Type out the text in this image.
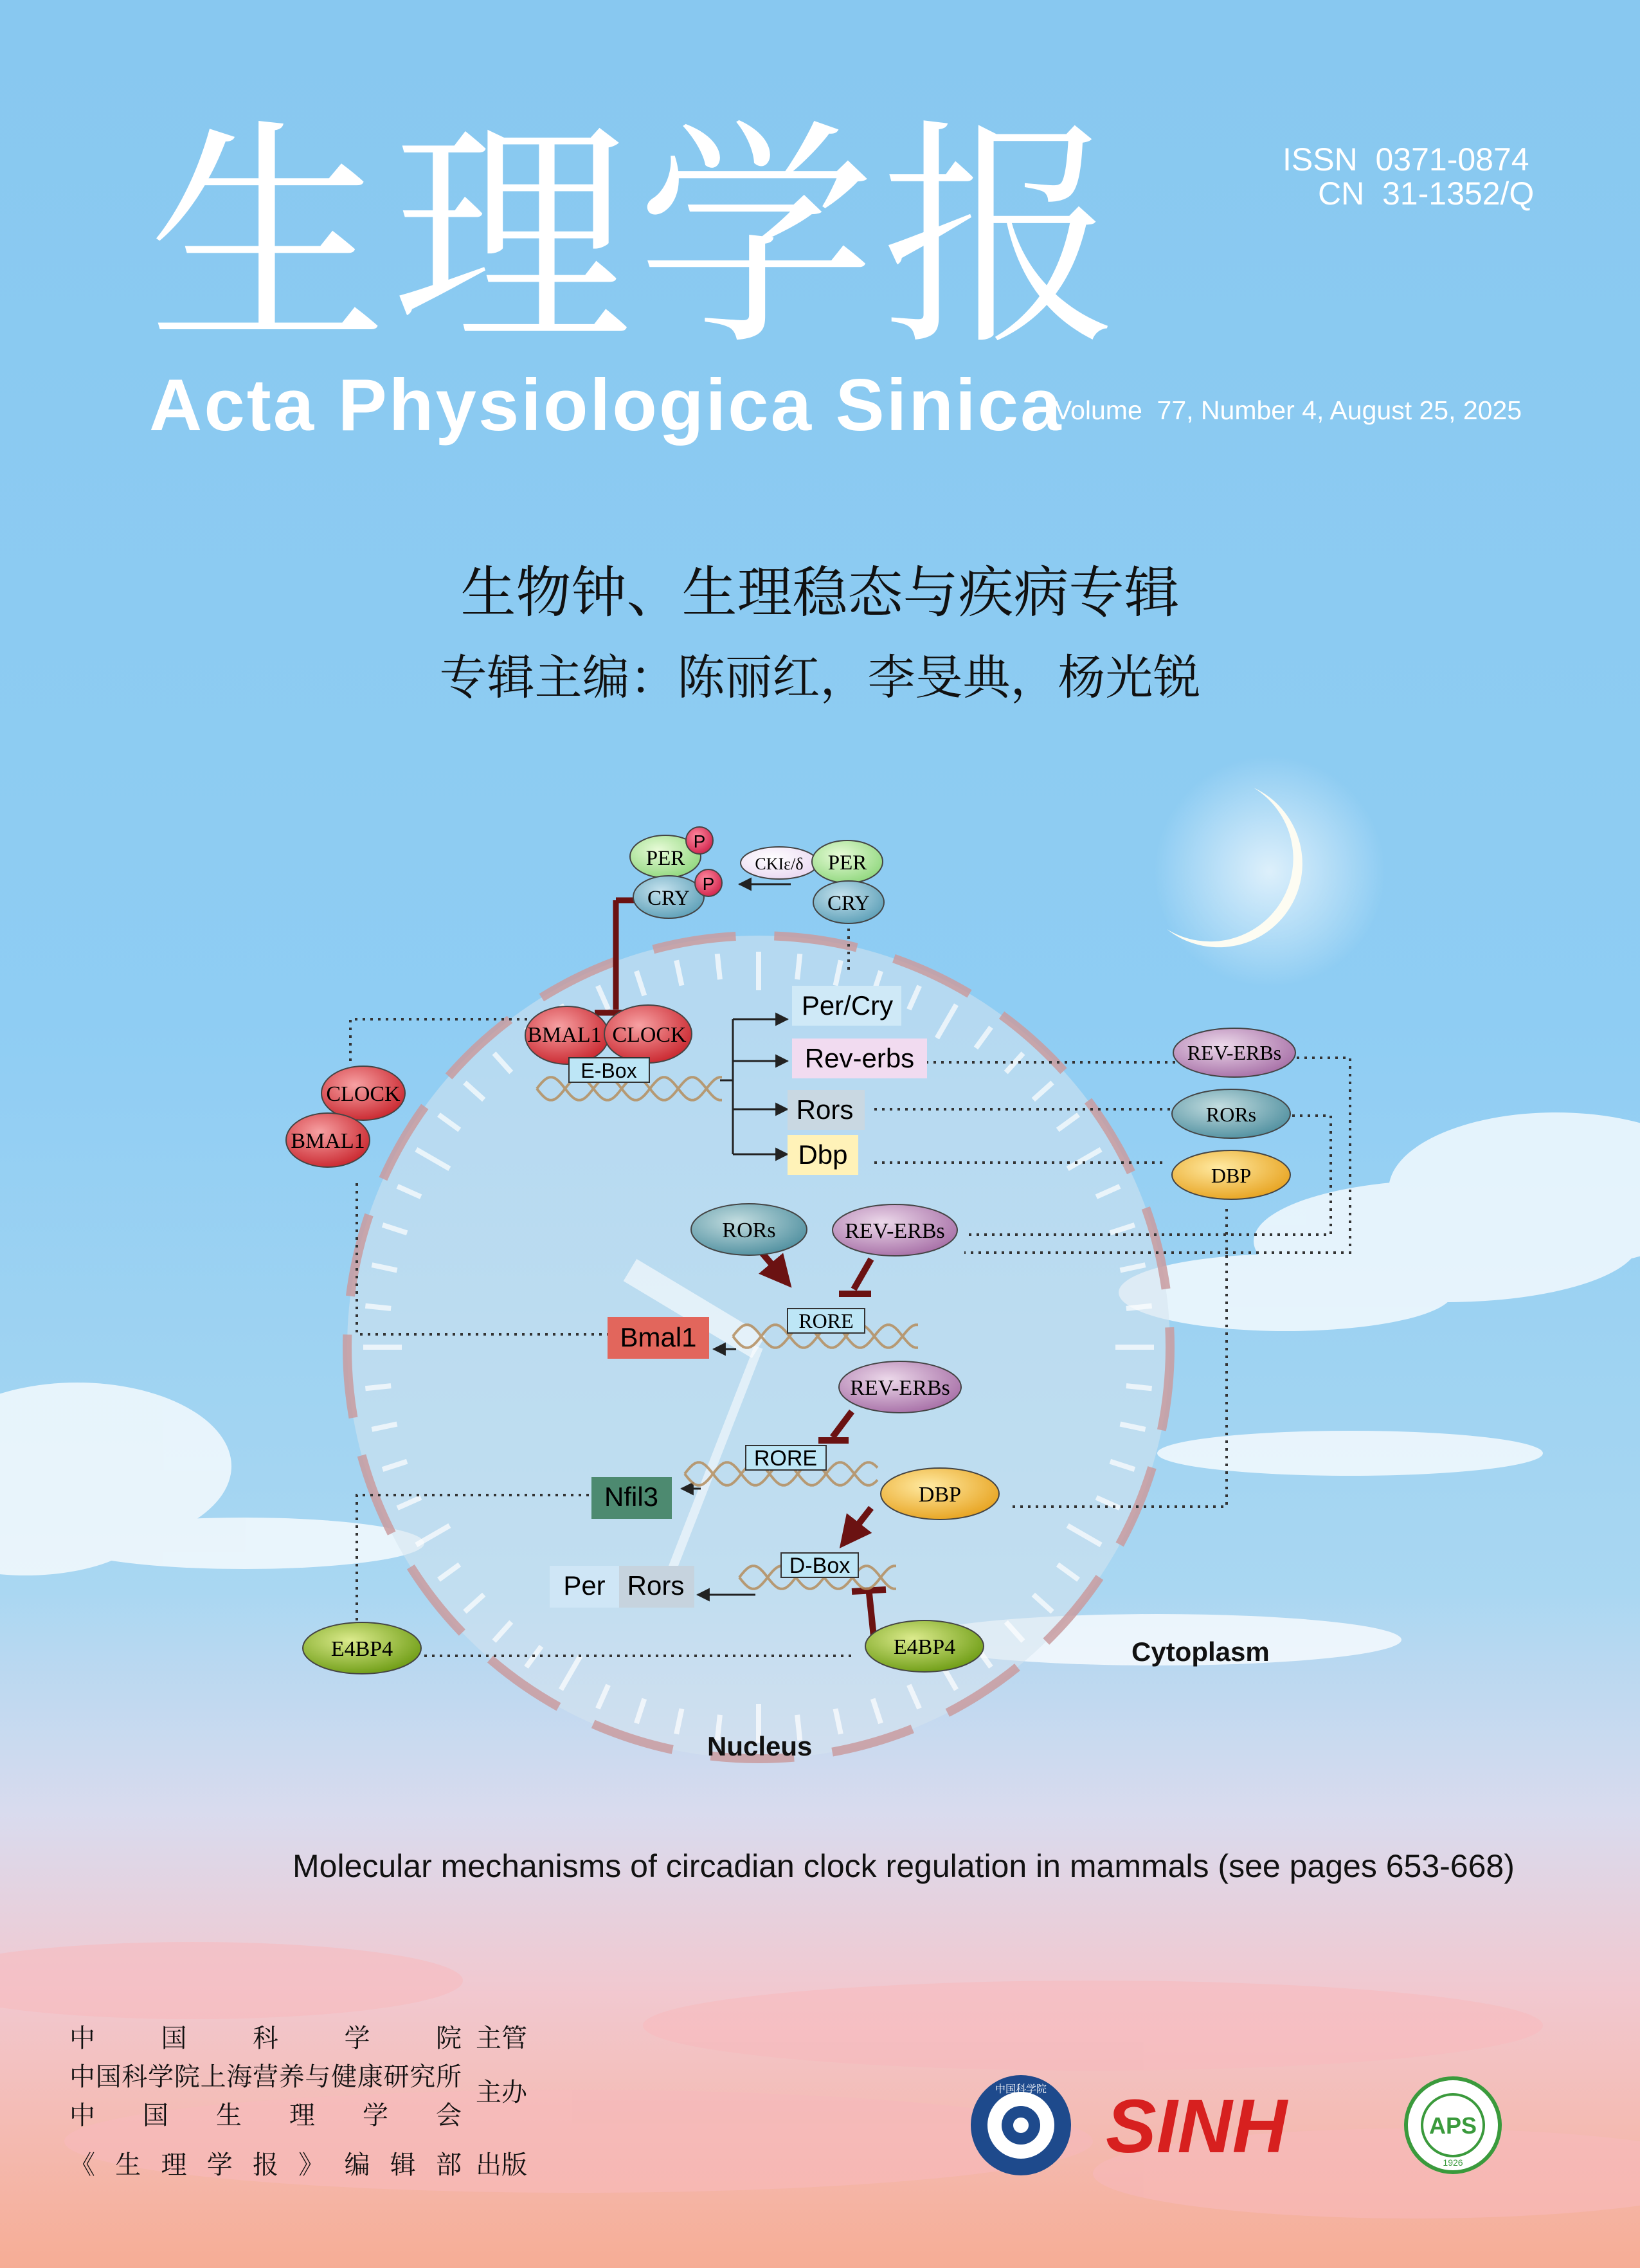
PER
CRY
P
P
CKIε/δ PER
CRY
BMAL1 CLOCK
E-Box
CLOCK
BMAL1
Per/Cry
Rev-erbs
Rors
Dbp
REV-ERBs
RORs
DBP
RORs	REV-ERBs
RORE
Bmal1
REV-ERBs
RORE
Nfil3	DBP
D-Box
Per Rors
E4BP4	E4BP4	Cytoplasm
Nucleus
生理学报
Acta Physiologica Sinica
ISSN  0371-0874
CN  31-1352/Q
Volume  77, Number 4, August 25, 2025
生物钟、生理稳态与疾病专辑
专辑主编：陈丽红，李旻典，杨光锐
Molecular mechanisms of circadian clock regulation in mammals (see pages 653-668)
中国科学院 主管
中国科学院上海营养与健康研究所
主办
中国生理学会
《生理学报》编辑部 出版
中国科学院 SINH	APS
1926
